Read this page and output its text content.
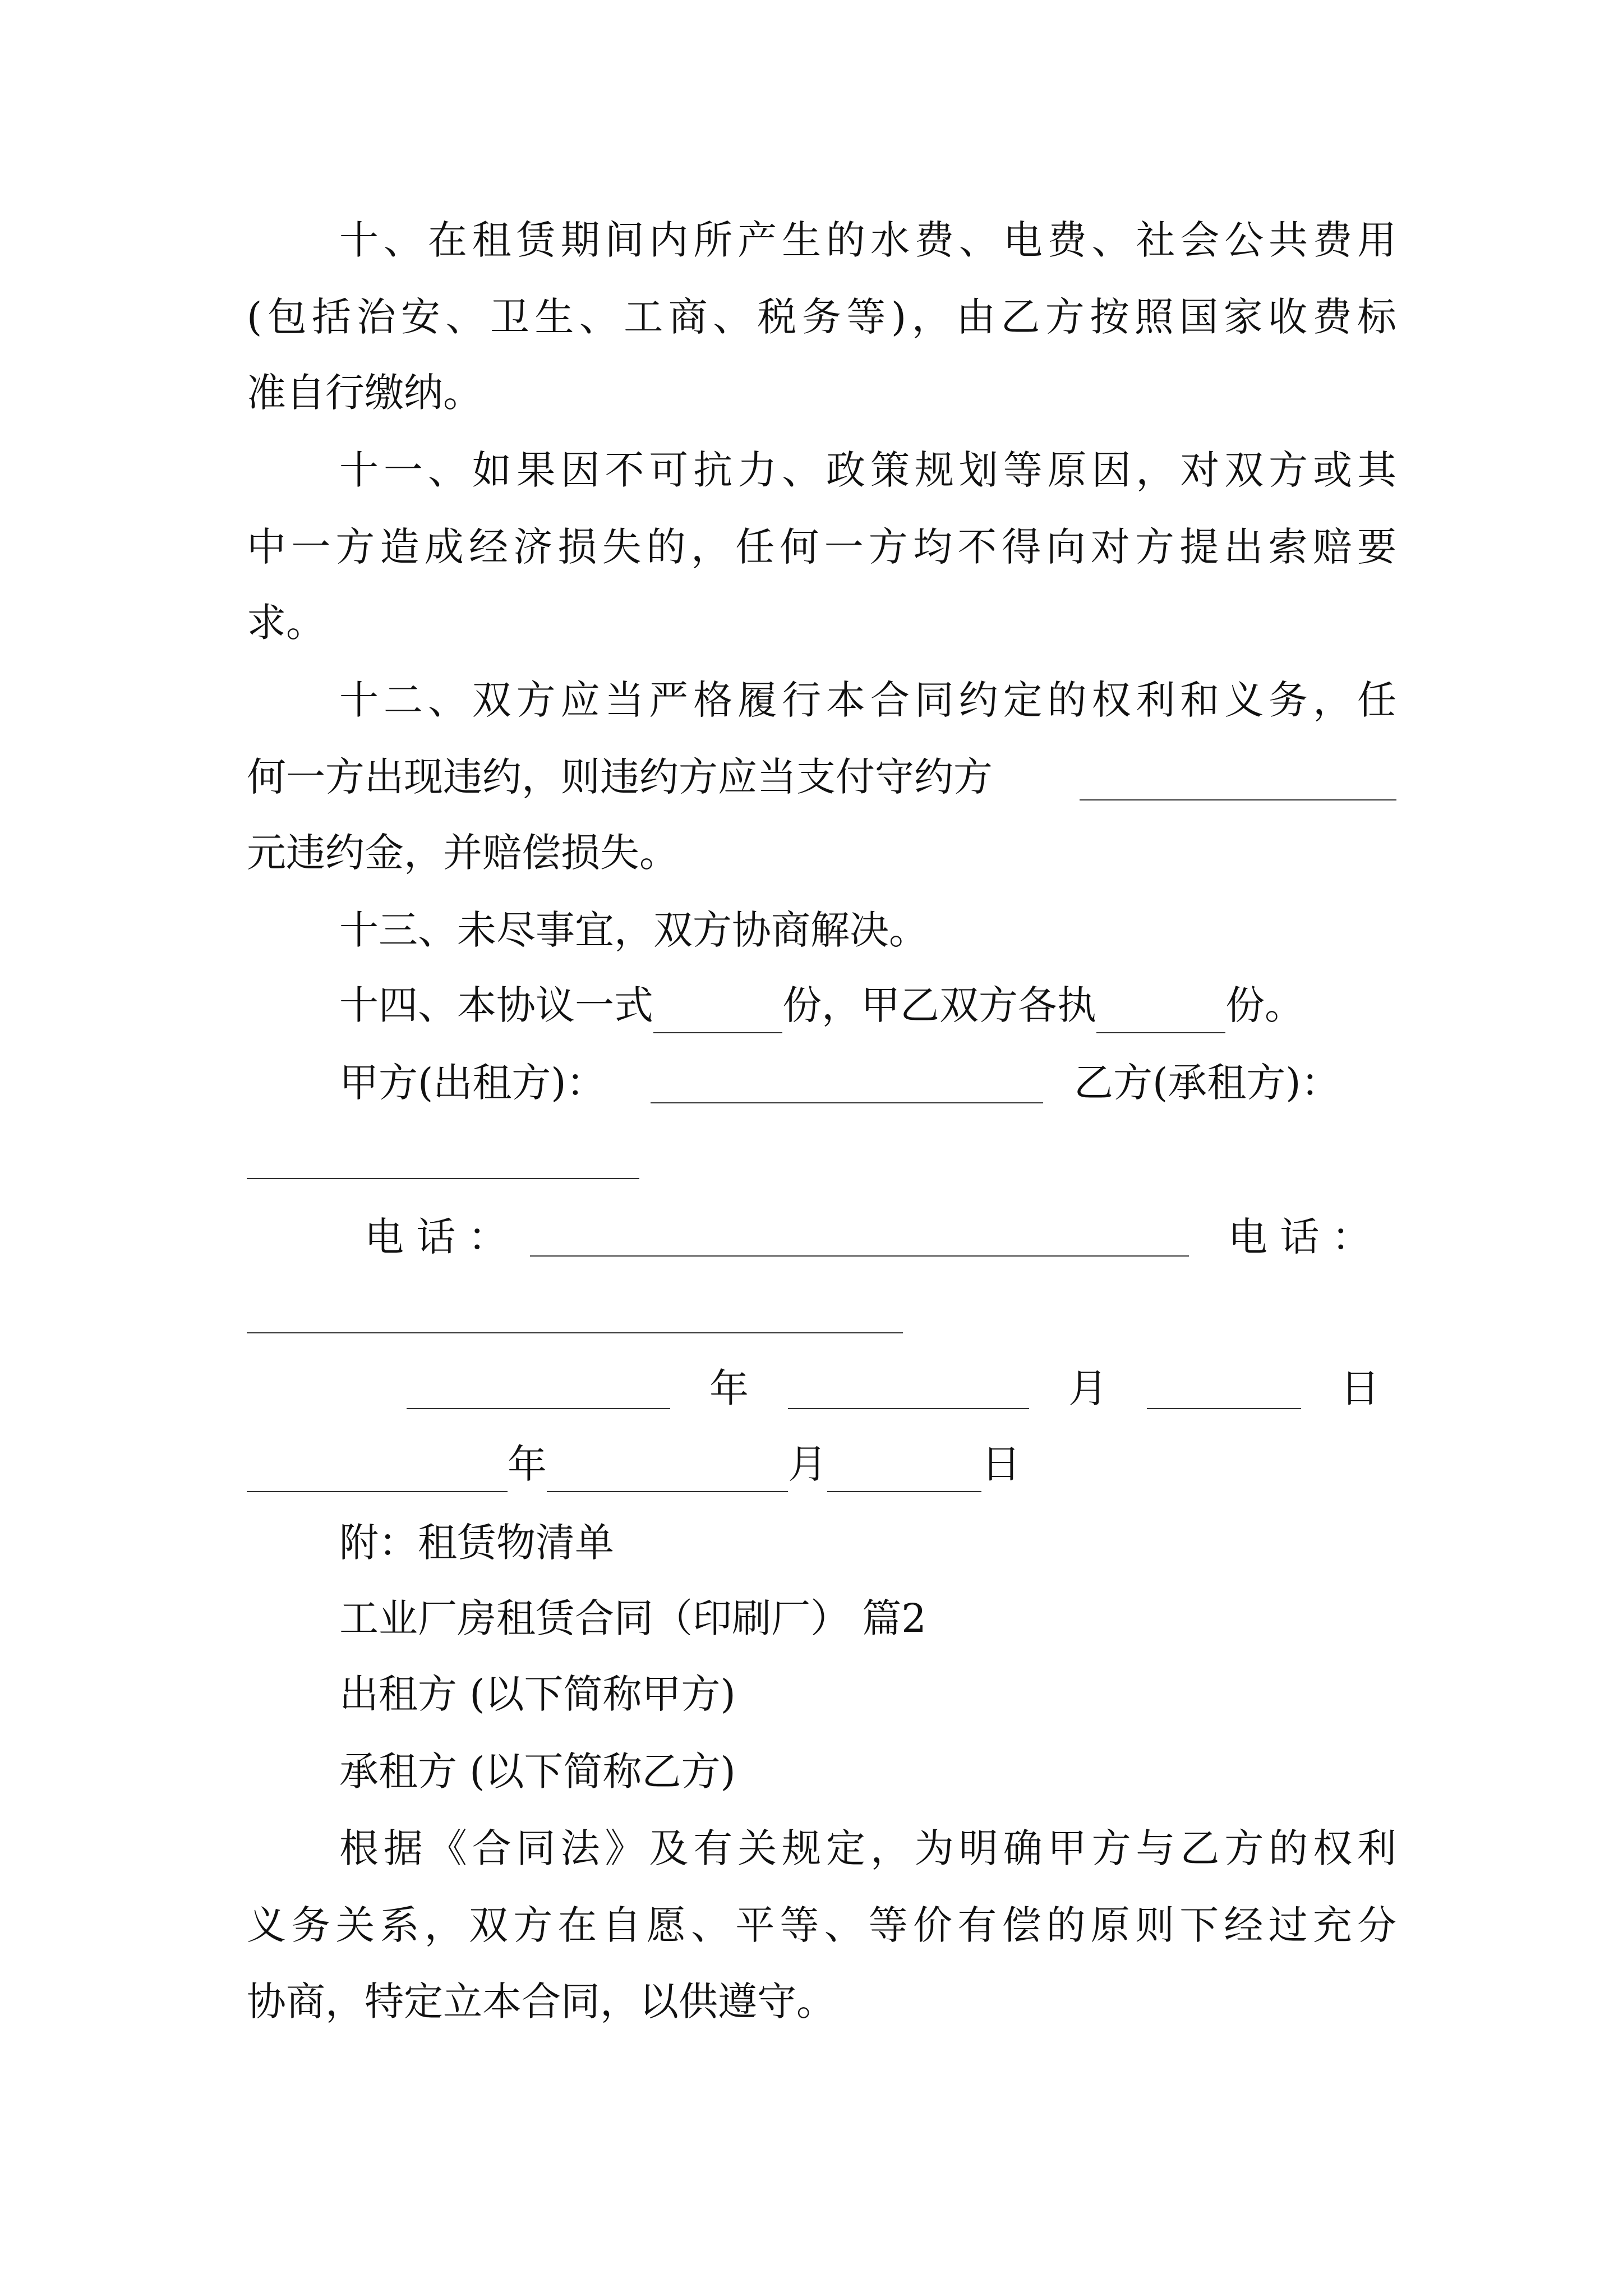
十、在租赁期间内所产生的水费、电费、社会公共费用
(包括治安、卫生、工商、税务等)，由乙方按照国家收费标
准自行缴纳。
十一、如果因不可抗力、政策规划等原因，对双方或其
中一方造成经济损失的，任何一方均不得向对方提出索赔要
求。
十二、双方应当严格履行本合同约定的权利和义务，任
何一方出现违约，则违约方应当支付守约方
元违约金，并赔偿损失。
十三、未尽事宜，双方协商解决。
十四、本协议一式	份，甲乙双方各执	份。
甲方(出租方)：	乙方(承租方)：
电 话 ：	电 话 ：
年	月	日
年	月	日
附：租赁物清单
工业厂房租赁合同（印刷厂） 篇2
出租方 (以下简称甲方)
承租方 (以下简称乙方)
根据《合同法》及有关规定，为明确甲方与乙方的权利
义务关系，双方在自愿、平等、等价有偿的原则下经过充分
协商，特定立本合同，以供遵守。
